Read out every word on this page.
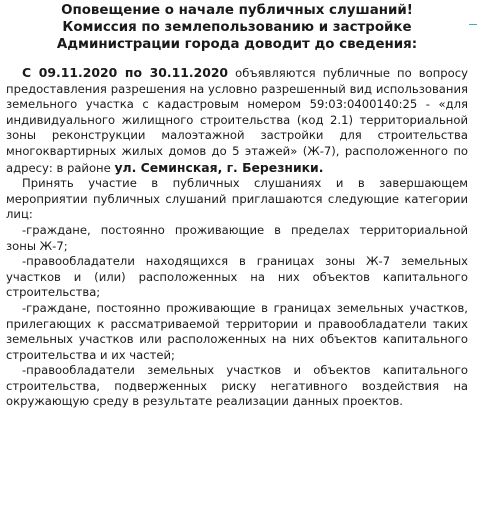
Оповещение о начале публичных слушаний!
Комиссия по землепользованию и застройке
Администрации города доводит до сведения:

С 09.11.2020 по 30.11.2020 объявляются публичные по вопросу предоставления разрешения на условно разрешенный вид использования земельного участка с кадастровым номером 59:03:0400140:25 - «для индивидуального жилищного строительства (код 2.1) территориальной зоны реконструкции малоэтажной застройки для строительства многоквартирных жилых домов до 5 этажей» (Ж-7), расположенного по адресу: в районе ул. Семинская, г. Березники.

Принять участие в публичных слушаниях и в завершающем мероприятии публичных слушаний приглашаются следующие категории лиц:

-граждане, постоянно проживающие в пределах территориальной зоны Ж-7;

-правообладатели находящихся в границах зоны Ж-7 земельных участков и (или) расположенных на них объектов капитального строительства;

-граждане, постоянно проживающие в границах земельных участков, прилегающих к рассматриваемой территории и правообладатели таких земельных участков или расположенных на них объектов капитального строительства и их частей;

-правообладатели земельных участков и объектов капитального строительства, подверженных риску негативного воздействия на окружающую среду в результате реализации данных проектов.
